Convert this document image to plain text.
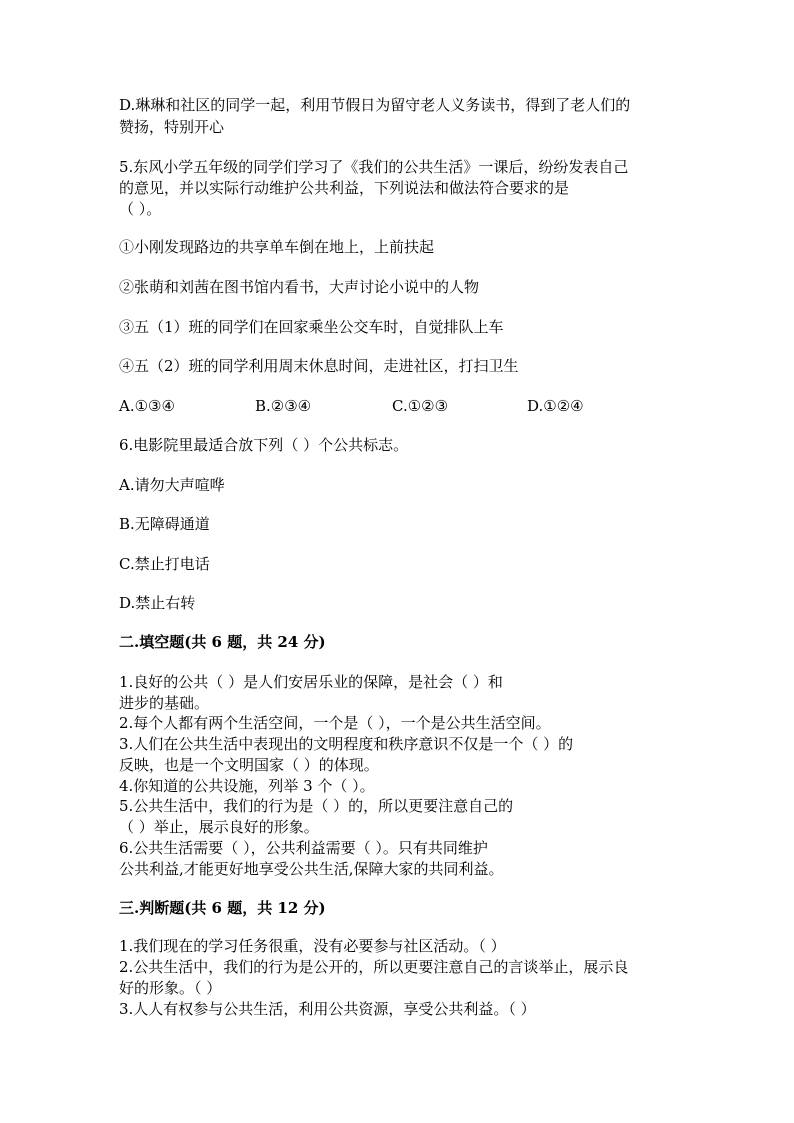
D.琳琳和社区的同学一起，利用节假日为留守老人义务读书，得到了老人们的
赞扬，特别开心
5.东风小学五年级的同学们学习了《我们的公共生活》一课后，纷纷发表自己
的意见，并以实际行动维护公共利益，下列说法和做法符合要求的是
（ ）。
①小刚发现路边的共享单车倒在地上，上前扶起
②张萌和刘茜在图书馆内看书，大声讨论小说中的人物
③五（1）班的同学们在回家乘坐公交车时，自觉排队上车
④五（2）班的同学利用周末休息时间，走进社区，打扫卫生
A.①③④	B.②③④	C.①②③	D.①②④
6.电影院里最适合放下列（ ）个公共标志。
A.请勿大声喧哗
B.无障碍通道
C.禁止打电话
D.禁止右转
二.填空题(共 6 题，共 24 分)
1.良好的公共（ ）是人们安居乐业的保障，是社会（ ）和
进步的基础。
2.每个人都有两个生活空间，一个是（ ），一个是公共生活空间。
3.人们在公共生活中表现出的文明程度和秩序意识不仅是一个（ ）的
反映，也是一个文明国家（ ）的体现。
4.你知道的公共设施，列举 3 个（ ）。
5.公共生活中，我们的行为是（ ）的，所以更要注意自己的
（ ）举止，展示良好的形象。
6.公共生活需要（ ），公共利益需要（ ）。只有共同维护
公共利益,才能更好地享受公共生活,保障大家的共同利益。
三.判断题(共 6 题，共 12 分)
1.我们现在的学习任务很重，没有必要参与社区活动。（ ）
2.公共生活中，我们的行为是公开的，所以更要注意自己的言谈举止，展示良
好的形象。（ ）
3.人人有权参与公共生活，利用公共资源，享受公共利益。（ ）
